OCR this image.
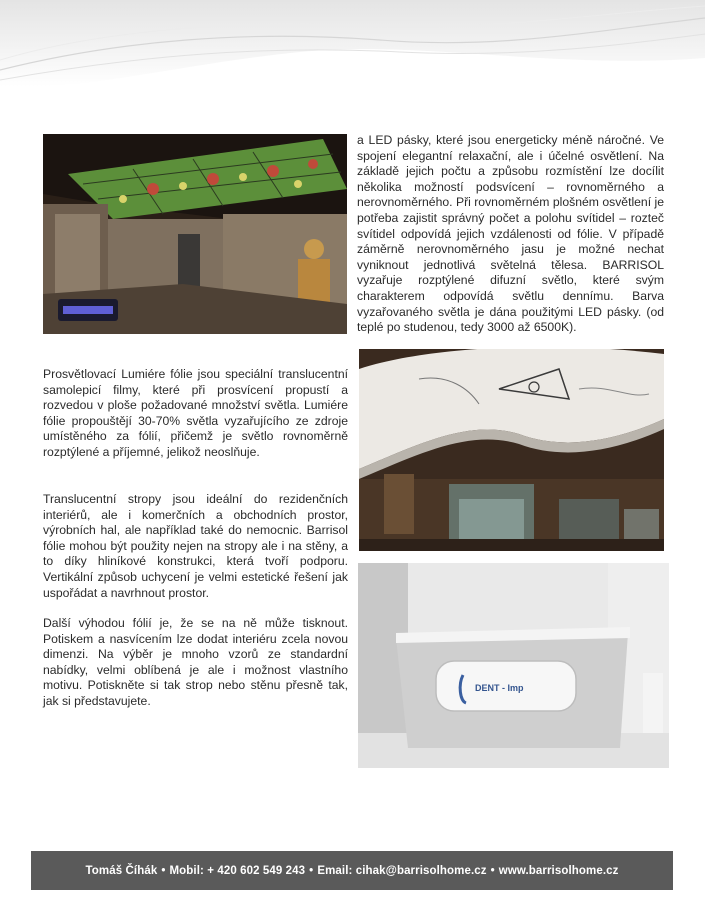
a LED pásky, které jsou energeticky méně náročné. Ve spojení elegantní relaxační, ale i účelné osvětlení. Na základě jejich počtu a způsobu rozmístění lze docílit několika možností podsvícení – rovnoměrného a nerovnoměrného. Při rovnoměrném plošném osvětlení je potřeba zajistit správný počet a polohu svítidel – rozteč svítidel odpovídá jejich vzdálenosti od fólie. V případě záměrně nerovnoměrného jasu je možné nechat vyniknout jednotlivá světelná tělesa. BARRISOL vyzařuje rozptýlené difuzní světlo, které svým charakterem odpovídá světlu dennímu. Barva vyzařovaného světla je dána použitými LED pásky. (od teplé po studenou, tedy 3000 až 6500K).

Prosvětlovací Lumiére fólie jsou speciální translucentní samolepicí filmy, které při prosvícení propustí a rozvedou v ploše požadované množství světla. Lumiére fólie propouštějí 30-70% světla vyzařujícího ze zdroje umístěného za fólií, přičemž je světlo rovnoměrně rozptýlené a příjemné, jelikož neoslňuje.

Translucentní stropy jsou ideální do rezidenčních interiérů, ale i komerčních a obchodních prostor, výrobních hal, ale například také do nemocnic. Barrisol fólie mohou být použity nejen na stropy ale i na stěny, a to díky hliníkové konstrukci, která tvoří podporu. Vertikální způsob uchycení je velmi estetické řešení jak uspořádat a navrhnout prostor.

Další výhodou fólií je, že se na ně může tisknout. Potiskem a nasvícením lze dodat interiéru zcela novou dimenzi. Na výběr je mnoho vzorů ze standardní nabídky, velmi oblíbená je ale i možnost vlastního motivu. Potiskněte si tak strop nebo stěnu přesně tak, jak si představujete.

DENT - Imp
Tomáš Číhák • Mobil: + 420 602 549 243 • Email: cihak@barrisolhome.cz • www.barrisolhome.cz
